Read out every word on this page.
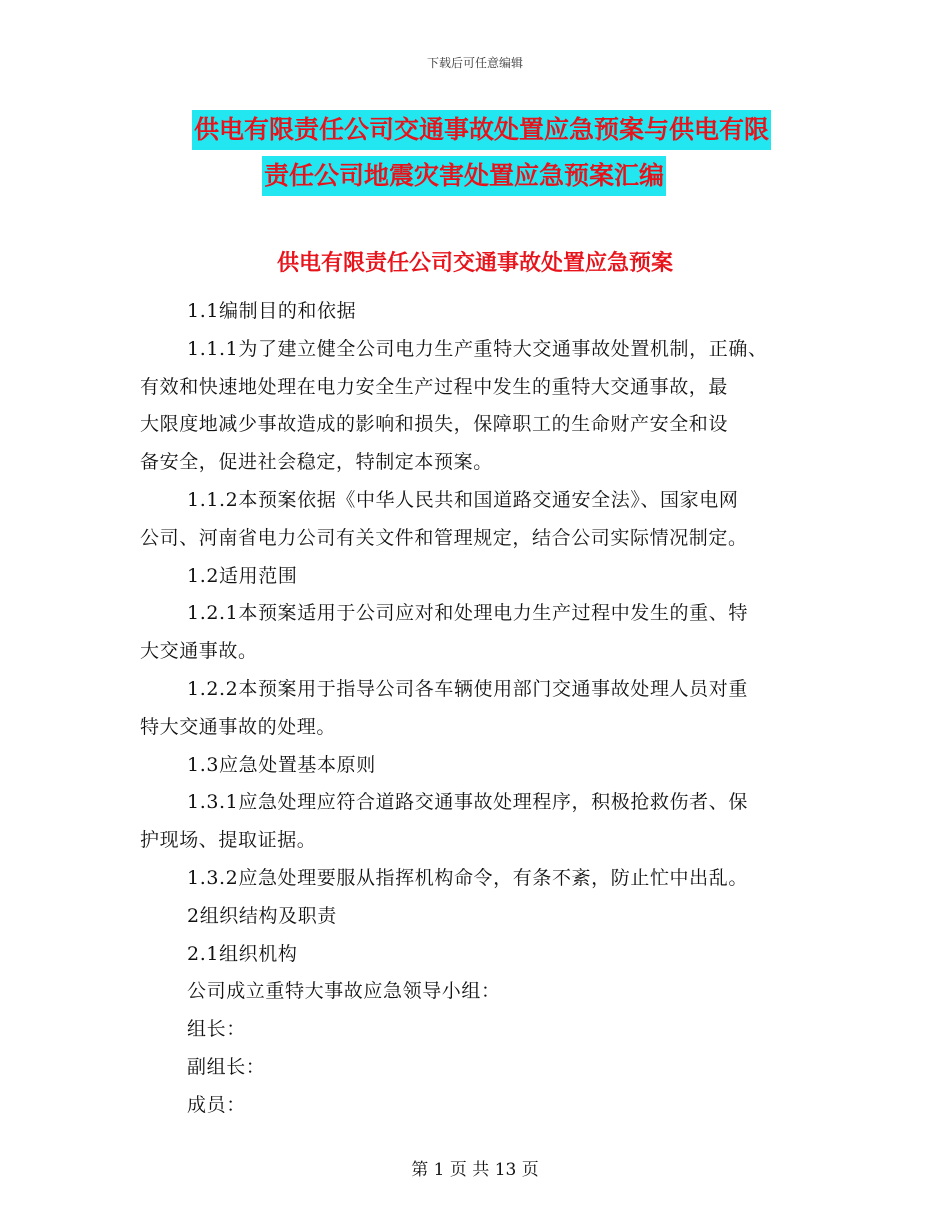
下载后可任意编辑
供电有限责任公司交通事故处置应急预案与供电有限
责任公司地震灾害处置应急预案汇编
供电有限责任公司交通事故处置应急预案
1.1编制目的和依据
1.1.1为了建立健全公司电力生产重特大交通事故处置机制，正确、
有效和快速地处理在电力安全生产过程中发生的重特大交通事故，最
大限度地减少事故造成的影响和损失，保障职工的生命财产安全和设
备安全，促进社会稳定，特制定本预案。
1.1.2本预案依据《中华人民共和国道路交通安全法》、国家电网
公司、河南省电力公司有关文件和管理规定，结合公司实际情况制定。
1.2适用范围
1.2.1本预案适用于公司应对和处理电力生产过程中发生的重、特
大交通事故。
1.2.2本预案用于指导公司各车辆使用部门交通事故处理人员对重
特大交通事故的处理。
1.3应急处置基本原则
1.3.1应急处理应符合道路交通事故处理程序，积极抢救伤者、保
护现场、提取证据。
1.3.2应急处理要服从指挥机构命令，有条不紊，防止忙中出乱。
2组织结构及职责
2.1组织机构
公司成立重特大事故应急领导小组：
组长：
副组长：
成员：
第 1 页 共 13 页
